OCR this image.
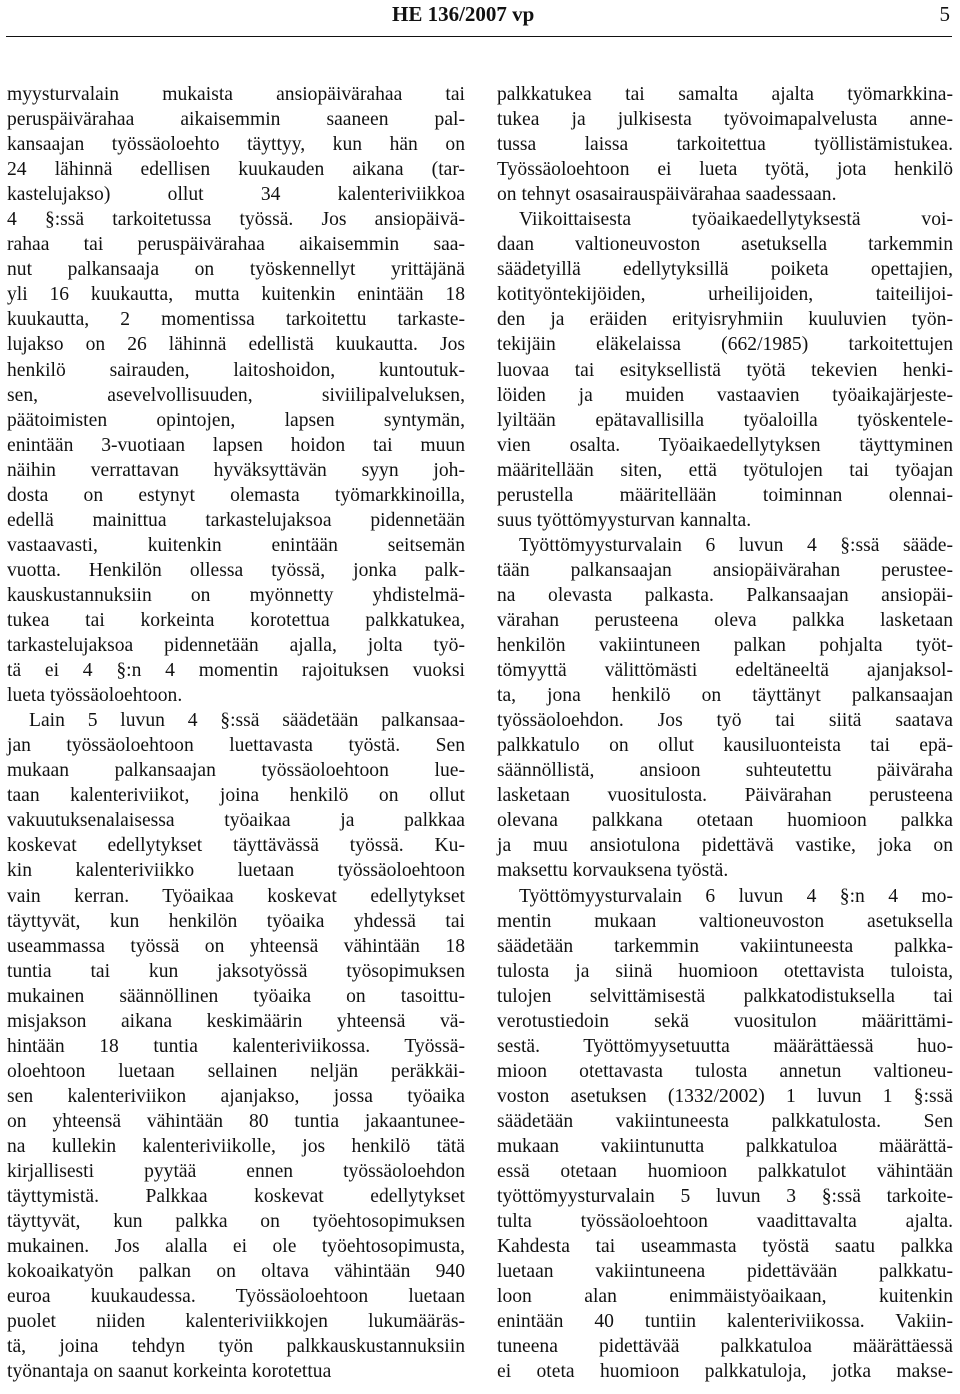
HE 136/2007 vp	5
myysturvalain mukaista ansiopäivärahaa tai
peruspäivärahaa aikaisemmin saaneen pal-
kansaajan työssäoloehto täyttyy, kun hän on
24 lähinnä edellisen kuukauden aikana (tar-
kastelujakso) ollut 34 kalenteriviikkoa
4 §:ssä tarkoitetussa työssä. Jos ansiopäivä-
rahaa tai peruspäivärahaa aikaisemmin saa-
nut palkansaaja on työskennellyt yrittäjänä
yli 16 kuukautta, mutta kuitenkin enintään 18
kuukautta, 2 momentissa tarkoitettu tarkaste-
lujakso on 26 lähinnä edellistä kuukautta. Jos
henkilö sairauden, laitoshoidon, kuntoutuk-
sen, asevelvollisuuden, siviilipalveluksen,
päätoimisten opintojen, lapsen syntymän,
enintään 3-vuotiaan lapsen hoidon tai muun
näihin verrattavan hyväksyttävän syyn joh-
dosta on estynyt olemasta työmarkkinoilla,
edellä mainittua tarkastelujaksoa pidennetään
vastaavasti, kuitenkin enintään seitsemän
vuotta. Henkilön ollessa työssä, jonka palk-
kauskustannuksiin on myönnetty yhdistelmä-
tukea tai korkeinta korotettua palkkatukea,
tarkastelujaksoa pidennetään ajalla, jolta työ-
tä ei 4 §:n 4 momentin rajoituksen vuoksi
lueta työssäoloehtoon.
Lain 5 luvun 4 §:ssä säädetään palkansaa-
jan työssäoloehtoon luettavasta työstä. Sen
mukaan palkansaajan työssäoloehtoon lue-
taan kalenteriviikot, joina henkilö on ollut
vakuutuksenalaisessa työaikaa ja palkkaa
koskevat edellytykset täyttävässä työssä. Ku-
kin kalenteriviikko luetaan työssäoloehtoon
vain kerran. Työaikaa koskevat edellytykset
täyttyvät, kun henkilön työaika yhdessä tai
useammassa työssä on yhteensä vähintään 18
tuntia tai kun jaksotyössä työsopimuksen
mukainen säännöllinen työaika on tasoittu-
misjakson aikana keskimäärin yhteensä vä-
hintään 18 tuntia kalenteriviikossa. Työssä-
oloehtoon luetaan sellainen neljän peräkkäi-
sen kalenteriviikon ajanjakso, jossa työaika
on yhteensä vähintään 80 tuntia jakaantunee-
na kullekin kalenteriviikolle, jos henkilö tätä
kirjallisesti pyytää ennen työssäoloehdon
täyttymistä. Palkkaa koskevat edellytykset
täyttyvät, kun palkka on työehtosopimuksen
mukainen. Jos alalla ei ole työehtosopimusta,
kokoaikatyön palkan on oltava vähintään 940
euroa kuukaudessa. Työssäoloehtoon luetaan
puolet niiden kalenteriviikkojen lukumääräs-
tä, joina tehdyn työn palkkauskustannuksiin
työnantaja on saanut korkeinta korotettua
palkkatukea tai samalta ajalta työmarkkina-
tukea ja julkisesta työvoimapalvelusta anne-
tussa laissa tarkoitettua työllistämistukea.
Työssäoloehtoon ei lueta työtä, jota henkilö
on tehnyt osasairauspäivärahaa saadessaan.
Viikoittaisesta työaikaedellytyksestä voi-
daan valtioneuvoston asetuksella tarkemmin
säädetyillä edellytyksillä poiketa opettajien,
kotityöntekijöiden, urheilijoiden, taiteilijoi-
den ja eräiden erityisryhmiin kuuluvien työn-
tekijäin eläkelaissa (662/1985) tarkoitettujen
luovaa tai esityksellistä työtä tekevien henki-
löiden ja muiden vastaavien työaikajärjeste-
lyiltään epätavallisilla työaloilla työskentele-
vien osalta. Työaikaedellytyksen täyttyminen
määritellään siten, että työtulojen tai työajan
perustella määritellään toiminnan olennai-
suus työttömyysturvan kannalta.
Työttömyysturvalain 6 luvun 4 §:ssä sääde-
tään palkansaajan ansiopäivärahan perustee-
na olevasta palkasta. Palkansaajan ansiopäi-
värahan perusteena oleva palkka lasketaan
henkilön vakiintuneen palkan pohjalta työt-
tömyyttä välittömästi edeltäneeltä ajanjaksol-
ta, jona henkilö on täyttänyt palkansaajan
työssäoloehdon. Jos työ tai siitä saatava
palkkatulo on ollut kausiluonteista tai epä-
säännöllistä, ansioon suhteutettu päiväraha
lasketaan vuositulosta. Päivärahan perusteena
olevana palkkana otetaan huomioon palkka
ja muu ansiotulona pidettävä vastike, joka on
maksettu korvauksena työstä.
Työttömyysturvalain 6 luvun 4 §:n 4 mo-
mentin mukaan valtioneuvoston asetuksella
säädetään tarkemmin vakiintuneesta palkka-
tulosta ja siinä huomioon otettavista tuloista,
tulojen selvittämisestä palkkatodistuksella tai
verotustiedoin sekä vuositulon määrittämi-
sestä. Työttömyysetuutta määrättäessä huo-
mioon otettavasta tulosta annetun valtioneu-
voston asetuksen (1332/2002) 1 luvun 1 §:ssä
säädetään vakiintuneesta palkkatulosta. Sen
mukaan vakiintunutta palkkatuloa määrättä-
essä otetaan huomioon palkkatulot vähintään
työttömyysturvalain 5 luvun 3 §:ssä tarkoite-
tulta työssäoloehtoon vaadittavalta ajalta.
Kahdesta tai useammasta työstä saatu palkka
luetaan vakiintuneena pidettävään palkkatu-
loon alan enimmäistyöaikaan, kuitenkin
enintään 40 tuntiin kalenteriviikossa. Vakiin-
tuneena pidettävää palkkatuloa määrättäessä
ei oteta huomioon palkkatuloja, jotka makse-
